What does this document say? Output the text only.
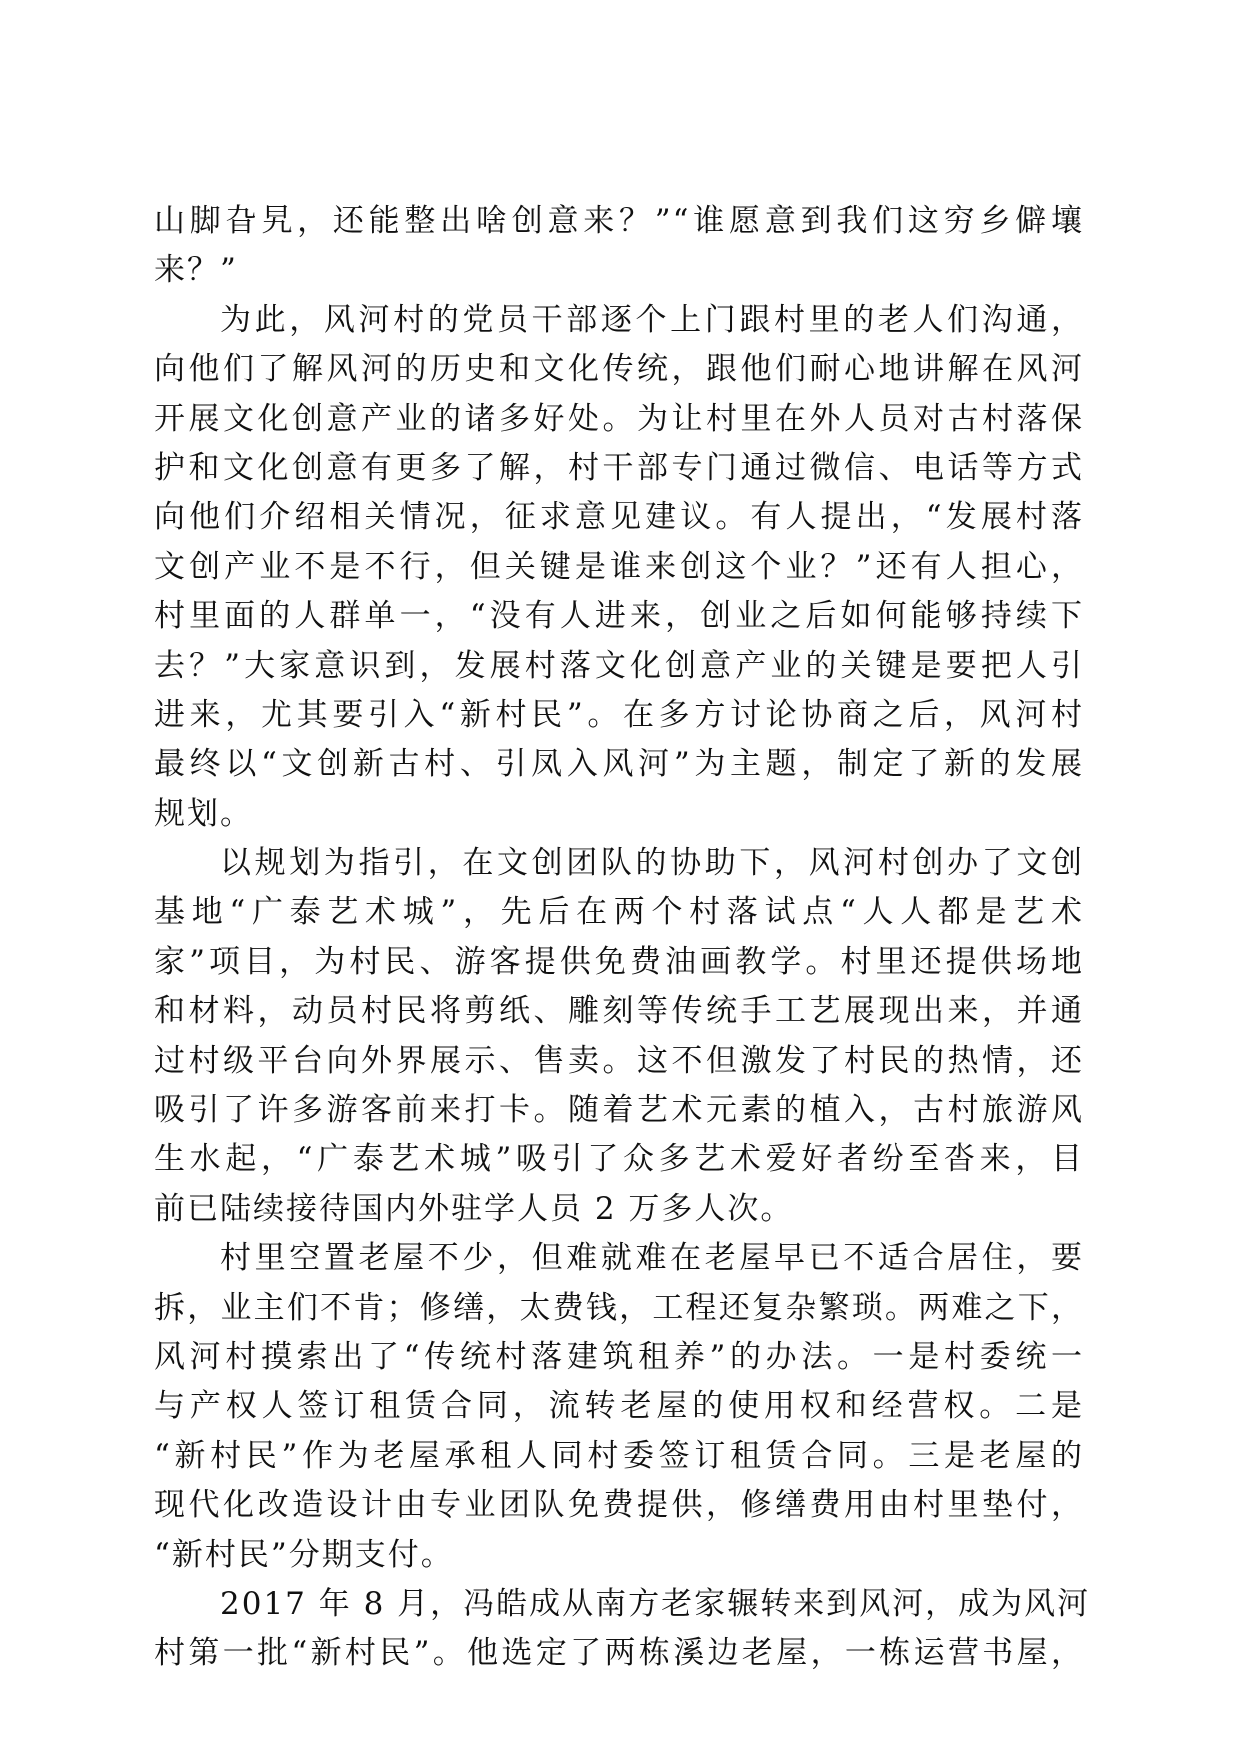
山脚旮旯，还能整出啥创意来？”“谁愿意到我们这穷乡僻壤
来？”
为此，风河村的党员干部逐个上门跟村里的老人们沟通，
向他们了解风河的历史和文化传统，跟他们耐心地讲解在风河
开展文化创意产业的诸多好处。为让村里在外人员对古村落保
护和文化创意有更多了解，村干部专门通过微信、电话等方式
向他们介绍相关情况，征求意见建议。有人提出，“发展村落
文创产业不是不行，但关键是谁来创这个业？”还有人担心，
村里面的人群单一，“没有人进来，创业之后如何能够持续下
去？”大家意识到，发展村落文化创意产业的关键是要把人引
进来，尤其要引入“新村民”。在多方讨论协商之后，风河村
最终以“文创新古村、引凤入风河”为主题，制定了新的发展
规划。
以规划为指引，在文创团队的协助下，风河村创办了文创
基地“广泰艺术城”，先后在两个村落试点“人人都是艺术
家”项目，为村民、游客提供免费油画教学。村里还提供场地
和材料，动员村民将剪纸、雕刻等传统手工艺展现出来，并通
过村级平台向外界展示、售卖。这不但激发了村民的热情，还
吸引了许多游客前来打卡。随着艺术元素的植入，古村旅游风
生水起，“广泰艺术城”吸引了众多艺术爱好者纷至沓来，目
前已陆续接待国内外驻学人员 2 万多人次。
村里空置老屋不少，但难就难在老屋早已不适合居住，要
拆，业主们不肯；修缮，太费钱，工程还复杂繁琐。两难之下，
风河村摸索出了“传统村落建筑租养”的办法。一是村委统一
与产权人签订租赁合同，流转老屋的使用权和经营权。二是
“新村民”作为老屋承租人同村委签订租赁合同。三是老屋的
现代化改造设计由专业团队免费提供，修缮费用由村里垫付，
“新村民”分期支付。
2017 年 8 月，冯皓成从南方老家辗转来到风河，成为风河
村第一批“新村民”。他选定了两栋溪边老屋，一栋运营书屋，
